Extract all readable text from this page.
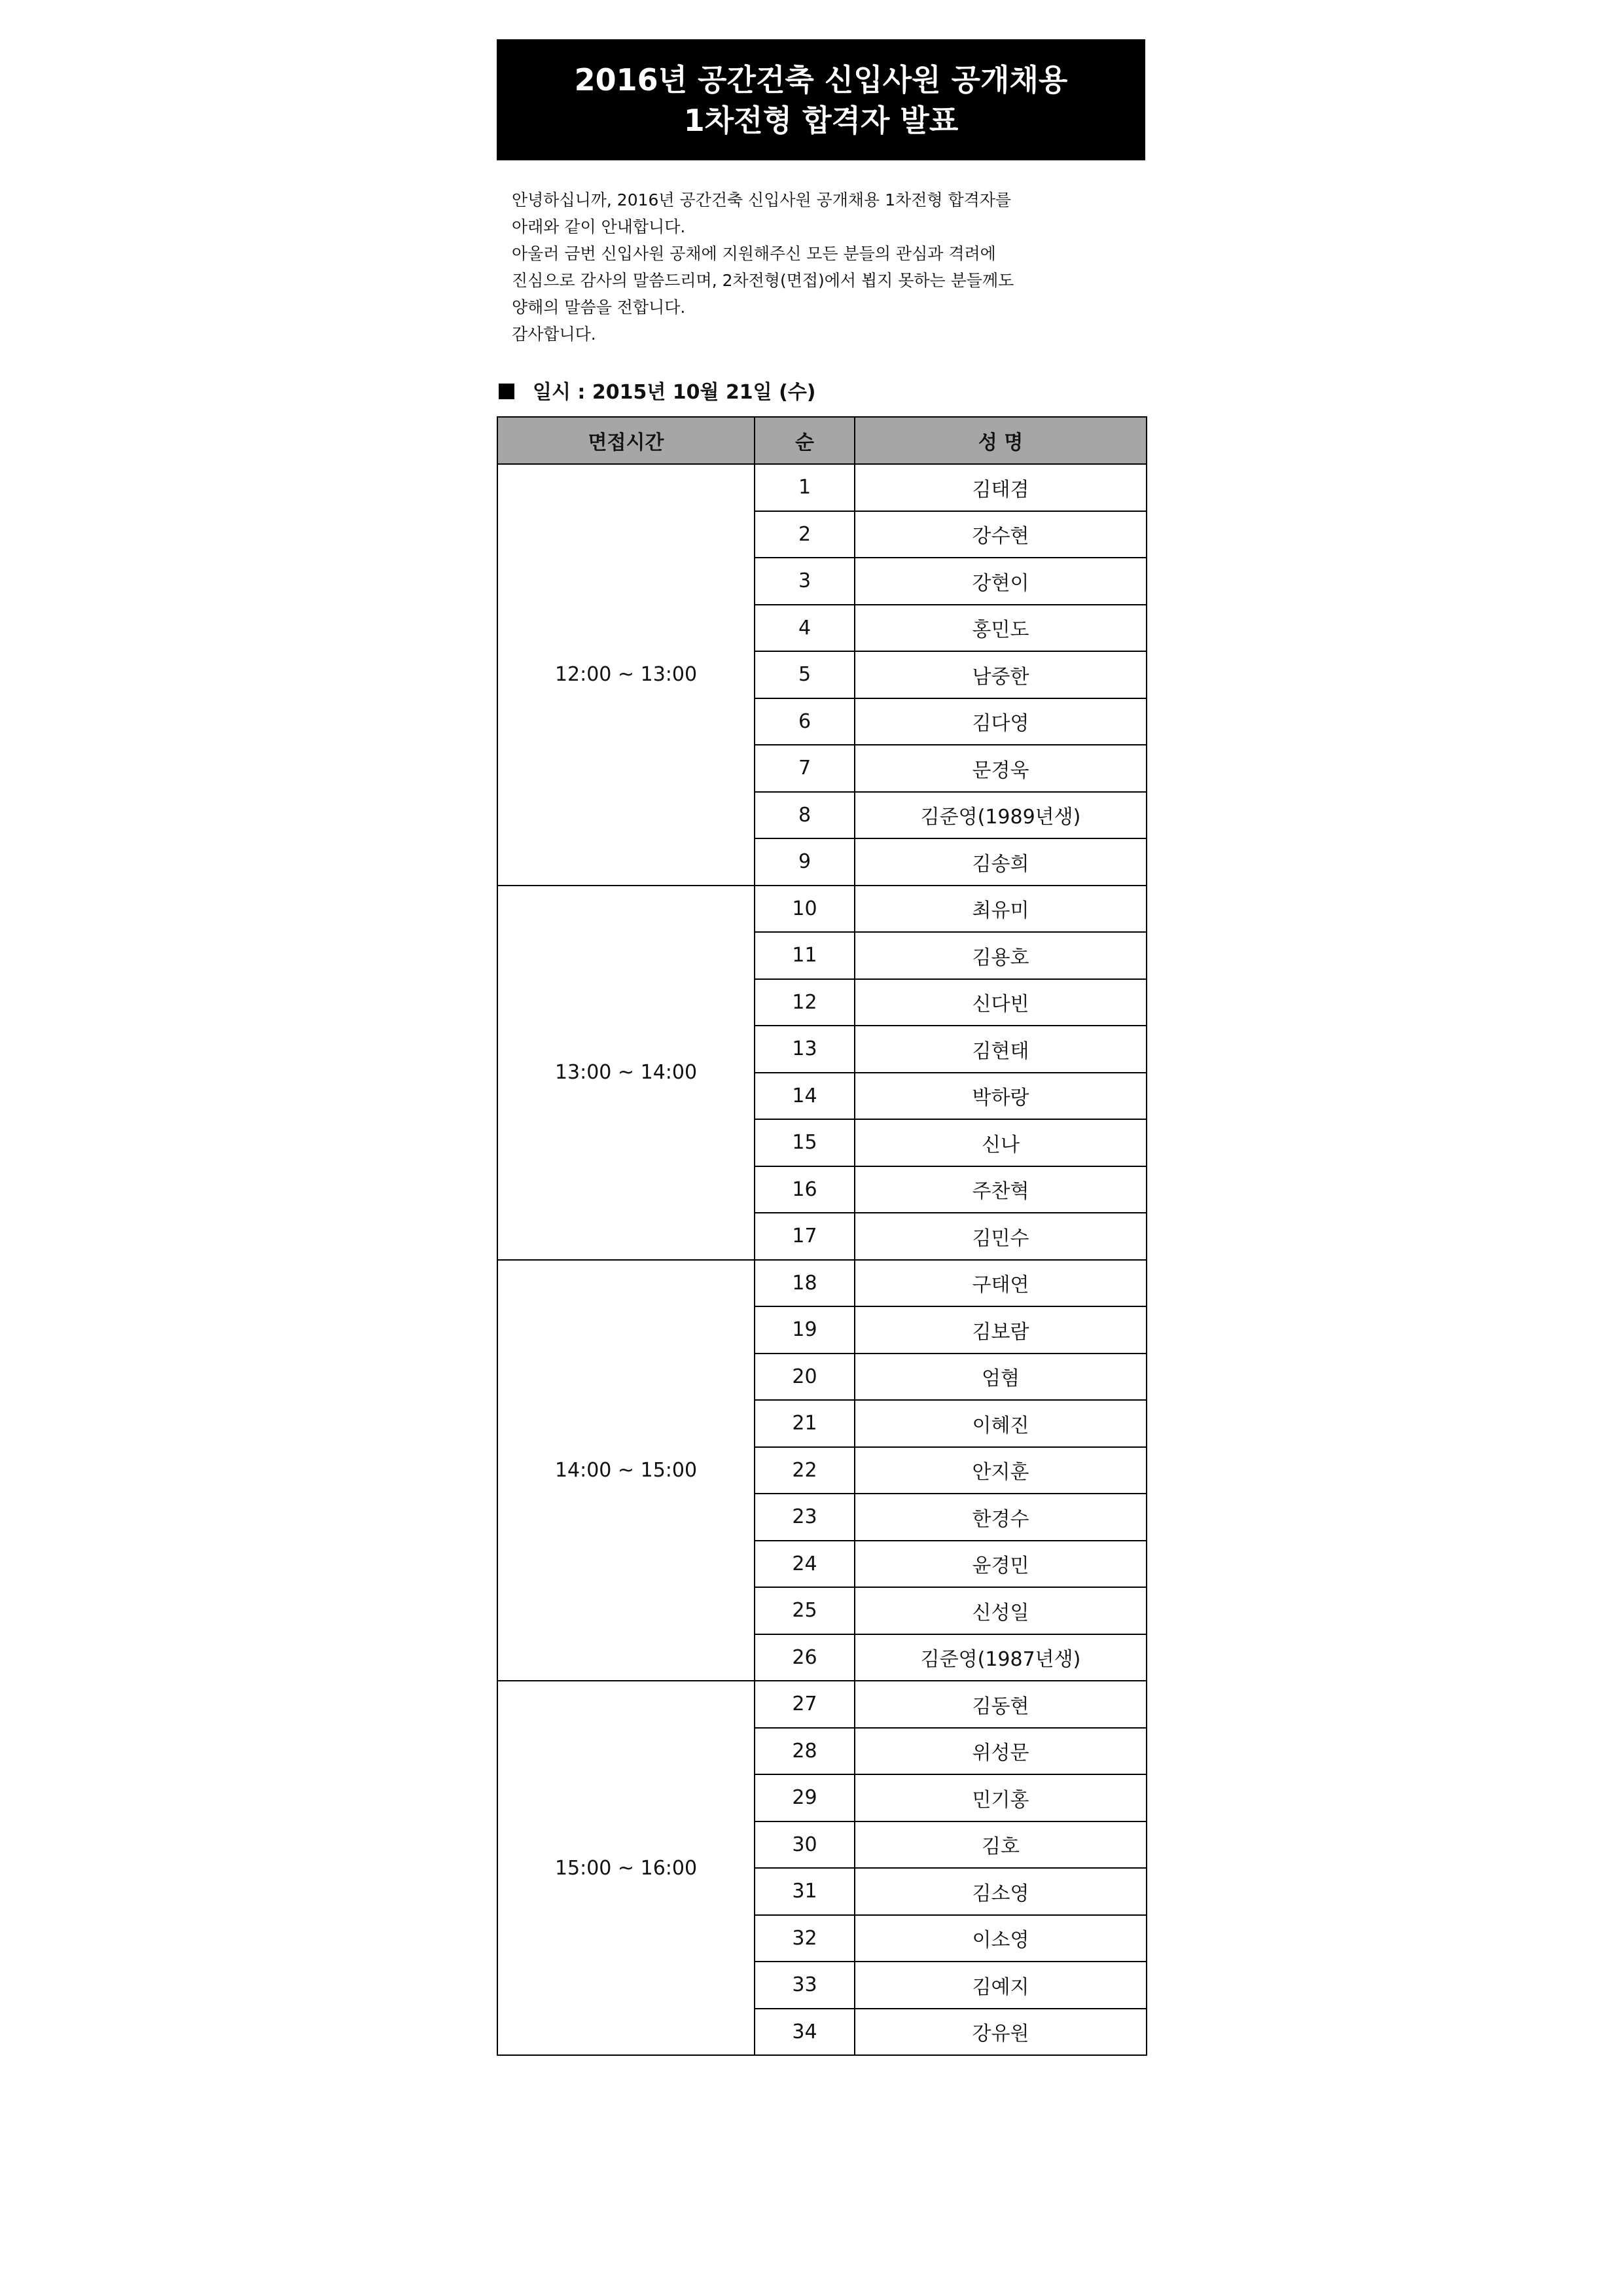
2016년 공간건축 신입사원 공개채용
1차전형 합격자 발표
안녕하십니까, 2016년 공간건축 신입사원 공개채용 1차전형 합격자를
아래와 같이 안내합니다.
아울러 금번 신입사원 공채에 지원해주신 모든 분들의 관심과 격려에
진심으로 감사의 말씀드리며, 2차전형(면접)에서 뵙지 못하는 분들께도
양해의 말씀을 전합니다.
감사합니다.
일시 : 2015년 10월 21일 (수)
면접시간	순	성 명
12:00 ~ 13:00	1	김태겸
	2	강수현
	3	강현이
	4	홍민도
	5	남중한
	6	김다영
	7	문경욱
	8	김준영(1989년생)
	9	김송희
13:00 ~ 14:00	10	최유미
	11	김용호
	12	신다빈
	13	김현태
	14	박하랑
	15	신나
	16	주찬혁
	17	김민수
14:00 ~ 15:00	18	구태연
	19	김보람
	20	엄혐
	21	이혜진
	22	안지훈
	23	한경수
	24	윤경민
	25	신성일
	26	김준영(1987년생)
15:00 ~ 16:00	27	김동현
	28	위성문
	29	민기홍
	30	김호
	31	김소영
	32	이소영
	33	김예지
	34	강유원
